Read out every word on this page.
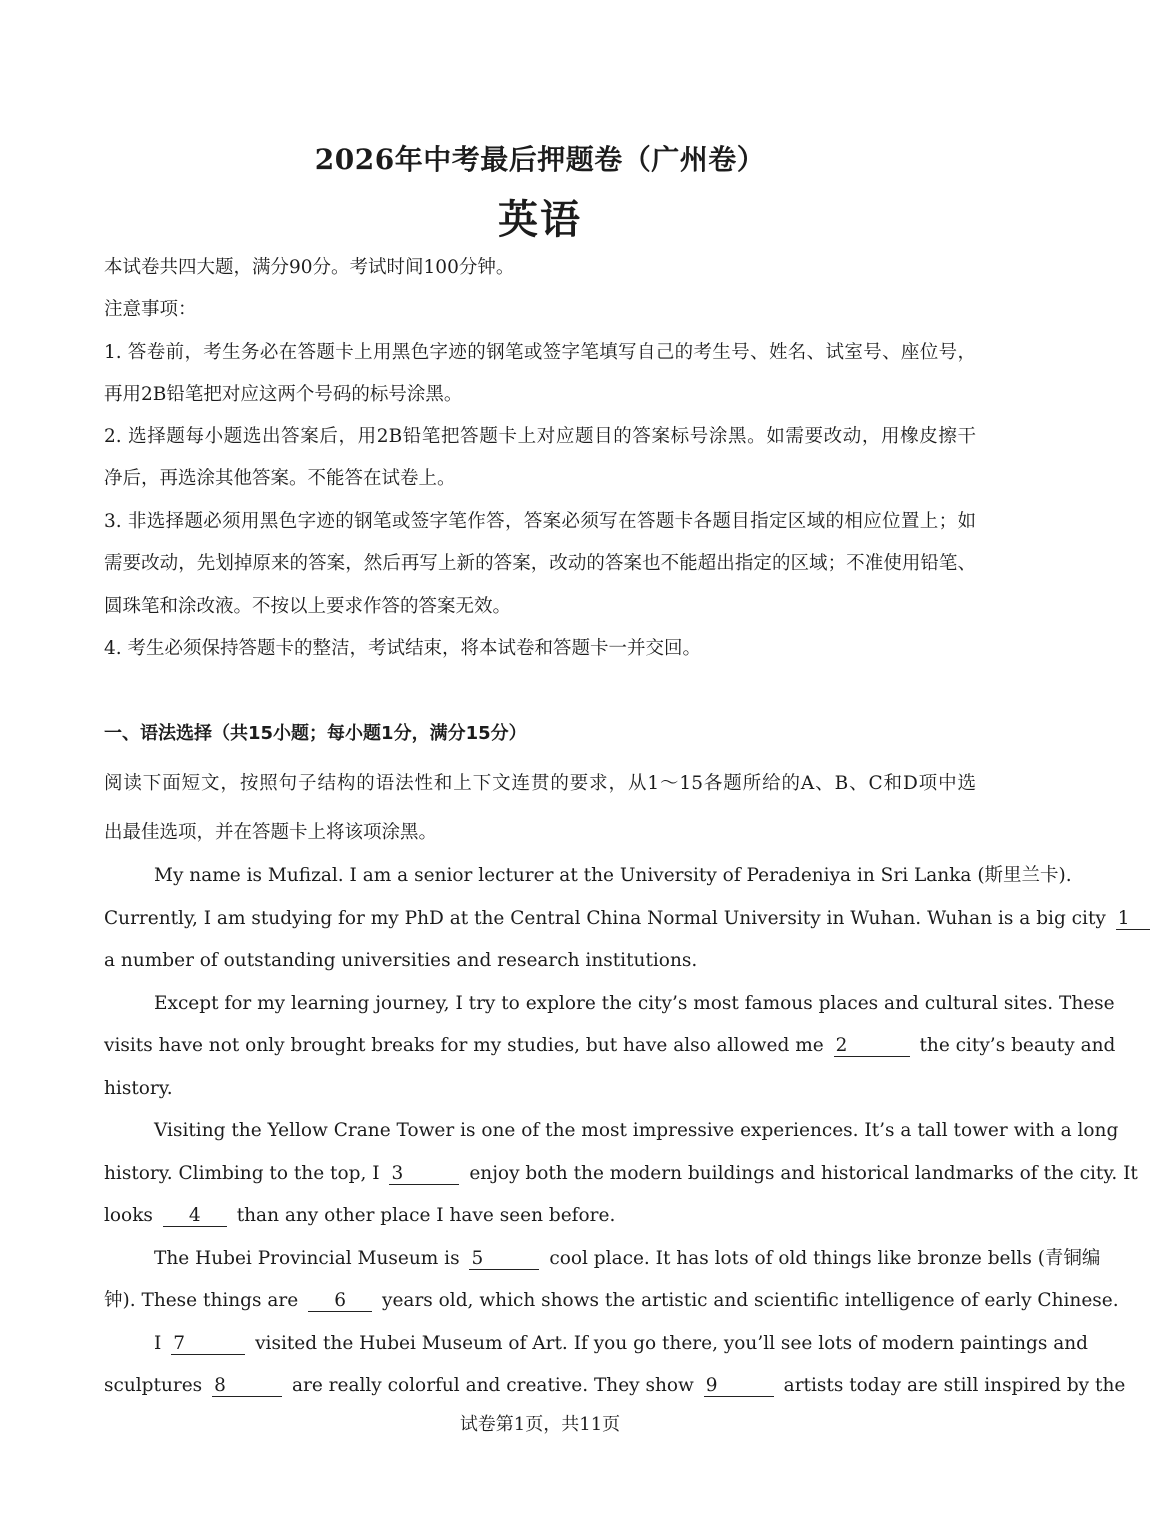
2026年中考最后押题卷（广州卷）
英语
本试卷共四大题，满分90分。考试时间100分钟。
注意事项：
1. 答卷前，考生务必在答题卡上用黑色字迹的钢笔或签字笔填写自己的考生号、姓名、试室号、座位号，
再用2B铅笔把对应这两个号码的标号涂黑。
2. 选择题每小题选出答案后，用2B铅笔把答题卡上对应题目的答案标号涂黑。如需要改动，用橡皮擦干
净后，再选涂其他答案。不能答在试卷上。
3. 非选择题必须用黑色字迹的钢笔或签字笔作答，答案必须写在答题卡各题目指定区域的相应位置上；如
需要改动，先划掉原来的答案，然后再写上新的答案，改动的答案也不能超出指定的区域；不准使用铅笔、
圆珠笔和涂改液。不按以上要求作答的答案无效。
4. 考生必须保持答题卡的整洁，考试结束，将本试卷和答题卡一并交回。
一、语法选择（共15小题；每小题1分，满分15分）
阅读下面短文，按照句子结构的语法性和上下文连贯的要求，从1～15各题所给的A、B、C和D项中选
出最佳选项，并在答题卡上将该项涂黑。
My name is Mufizal. I am a senior lecturer at the University of Peradeniya in Sri Lanka (斯里兰卡).
Currently, I am studying for my PhD at the Central China Normal University in Wuhan. Wuhan is a big city 1
a number of outstanding universities and research institutions.
Except for my learning journey, I try to explore the city’s most famous places and cultural sites. These
visits have not only brought breaks for my studies, but have also allowed me 2	the city’s beauty and
history.
Visiting the Yellow Crane Tower is one of the most impressive experiences. It’s a tall tower with a long
history. Climbing to the top, I 3	enjoy both the modern buildings and historical landmarks of the city. It
looks 4 than any other place I have seen before.
The Hubei Provincial Museum is 5	cool place. It has lots of old things like bronze bells (青铜编
钟). These things are 6 years old, which shows the artistic and scientific intelligence of early Chinese.
I 7	visited the Hubei Museum of Art. If you go there, you’ll see lots of modern paintings and
sculptures 8	are really colorful and creative. They show 9	artists today are still inspired by the
试卷第1页，共11页
